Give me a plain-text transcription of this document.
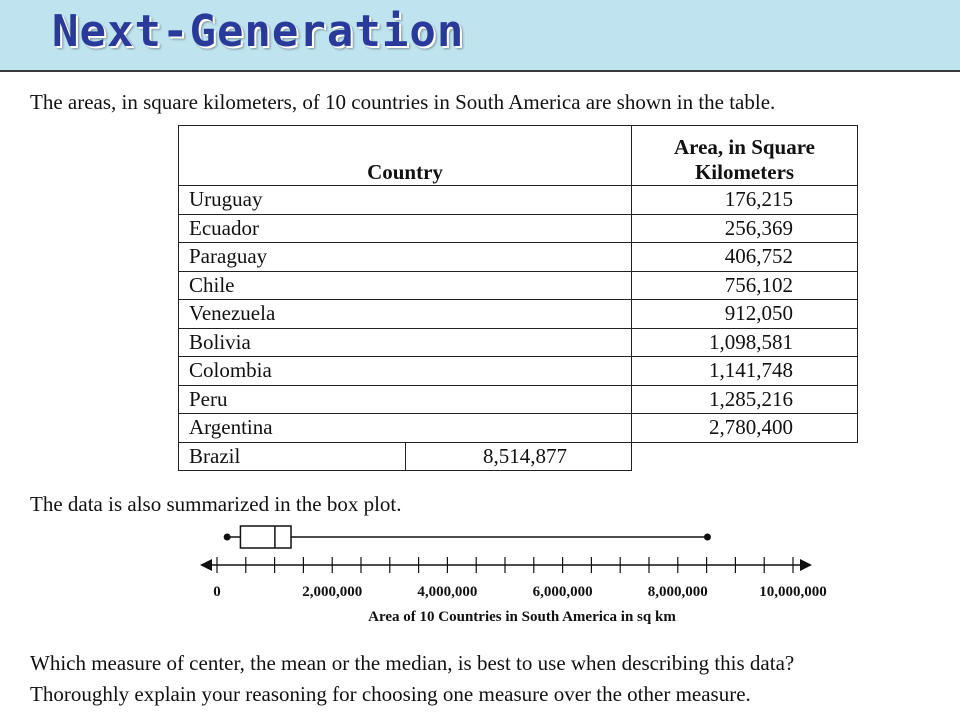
Next-Generation
The areas, in square kilometers, of 10 countries in South America are shown in the table.
Country	Area, in Square
Kilometers
Uruguay	176,215
Ecuador	256,369
Paraguay	406,752
Chile	756,102
Venezuela	912,050
Bolivia	1,098,581
Colombia	1,141,748
Peru	1,285,216
Argentina	2,780,400
Brazil 8,514,877	

The data is also summarized in the box plot.
0	2,000,000	4,000,000	6,000,000	8,000,000	10,000,000
Area of 10 Countries in South America in sq km
Which measure of center, the mean or the median, is best to use when describing this data?
Thoroughly explain your reasoning for choosing one measure over the other measure.
